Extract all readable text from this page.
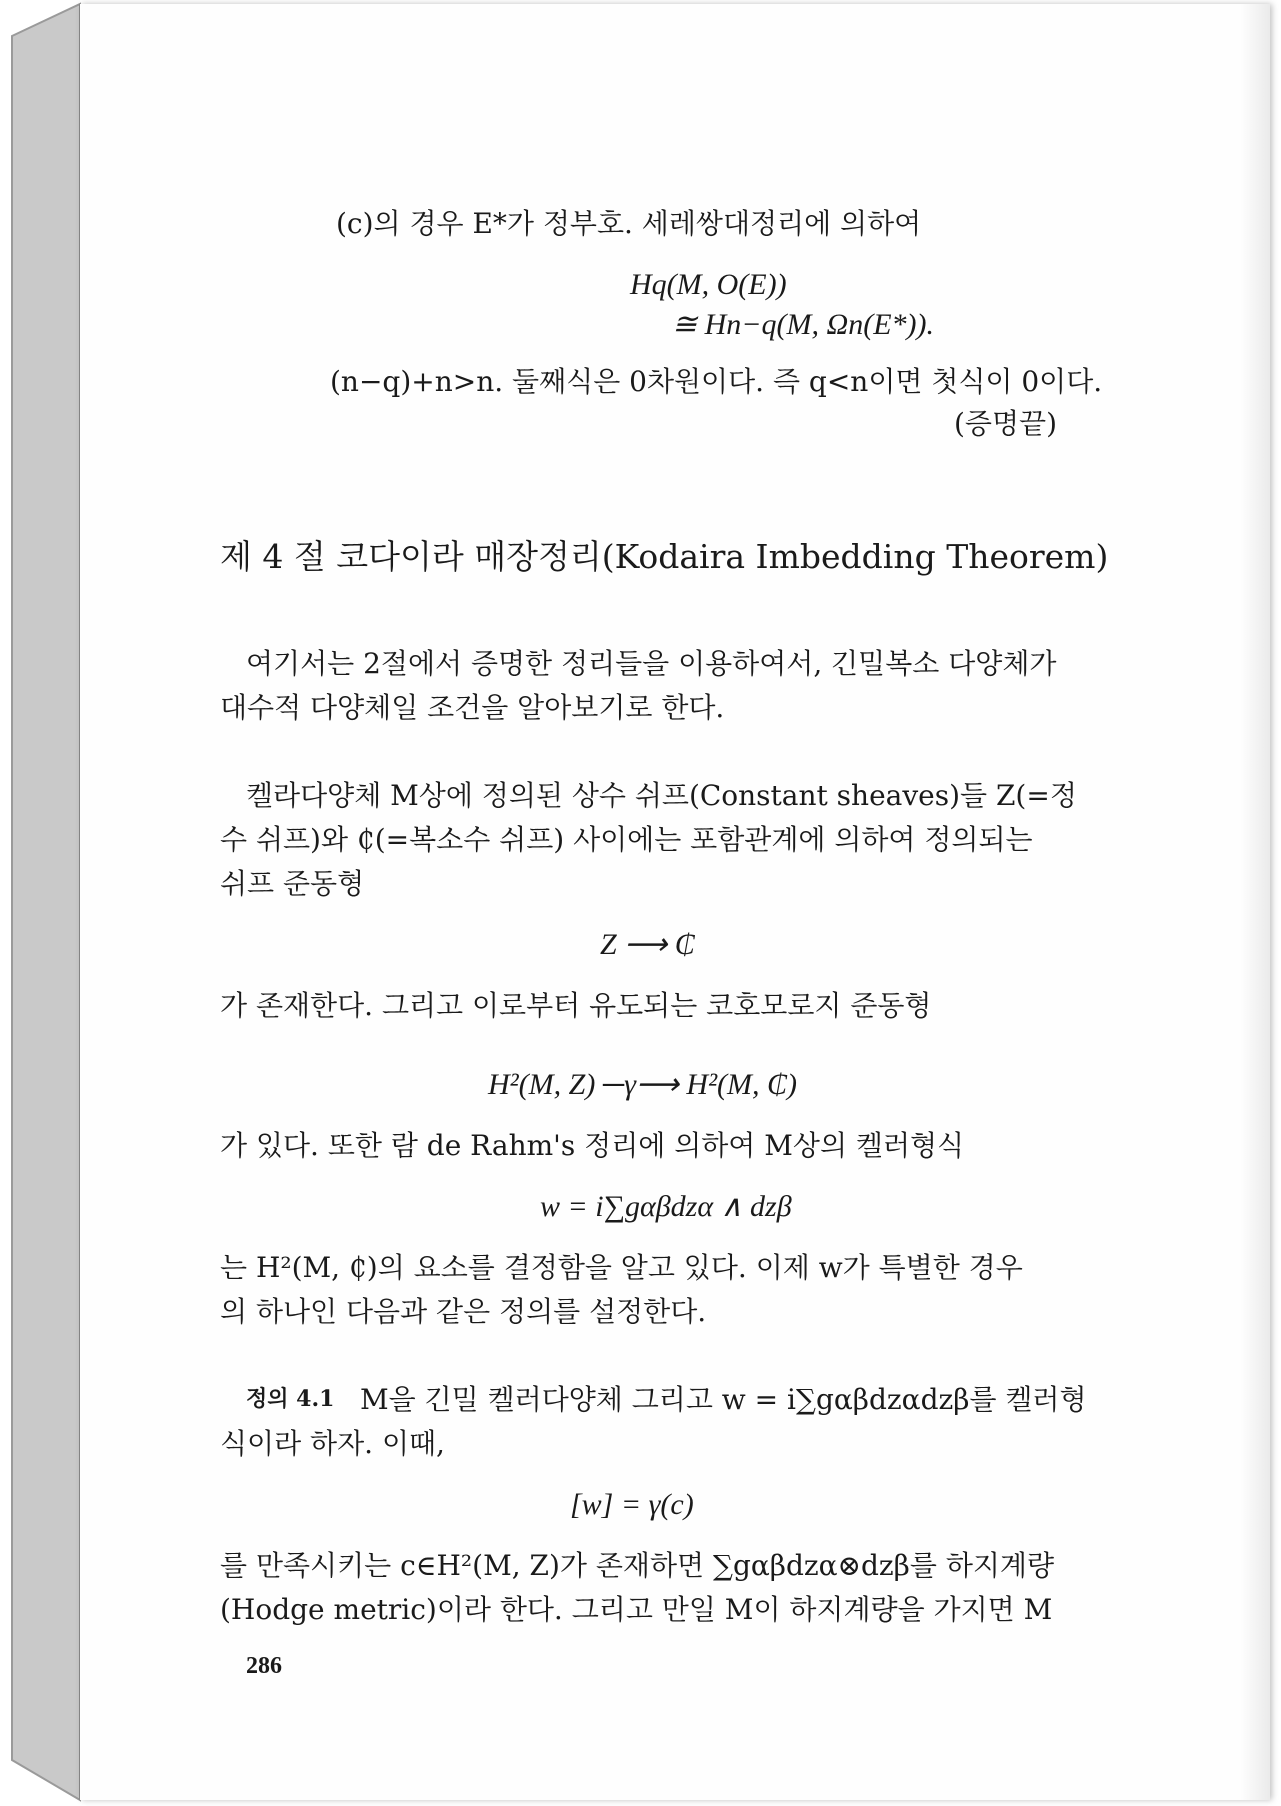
(c)의 경우 E*가 정부호. 세레쌍대정리에 의하여
Hq(M, O(E))
≅ Hn−q(M, Ωn(E*)).
(n−q)+n>n. 둘째식은 0차원이다. 즉 q<n이면 첫식이 0이다.
(증명끝)
제 4 절 코다이라 매장정리(Kodaira Imbedding Theorem)
여기서는 2절에서 증명한 정리들을 이용하여서, 긴밀복소 다양체가
대수적 다양체일 조건을 알아보기로 한다.
켈라다양체 M상에 정의된 상수 쉬프(Constant sheaves)들 Z(=정
수 쉬프)와 ₵(=복소수 쉬프) 사이에는 포함관계에 의하여 정의되는
쉬프 준동형
Z ⟶ ₵
가 존재한다. 그리고 이로부터 유도되는 코호모로지 준동형
H²(M, Z) ─γ⟶ H²(M, ₵)
가 있다. 또한 람 de Rahm's 정리에 의하여 M상의 켈러형식
w = i∑gαβdzα ∧ dzβ
는 H²(M, ₵)의 요소를 결정함을 알고 있다. 이제 w가 특별한 경우
의 하나인 다음과 같은 정의를 설정한다.
정의 4.1 M을 긴밀 켈러다양체 그리고 w = i∑gαβdzαdzβ를 켈러형
식이라 하자. 이때,
[w] = γ(c)
를 만족시키는 c∈H²(M, Z)가 존재하면 ∑gαβdzα⊗dzβ를 하지계량
(Hodge metric)이라 한다. 그리고 만일 M이 하지계량을 가지면 M
286
